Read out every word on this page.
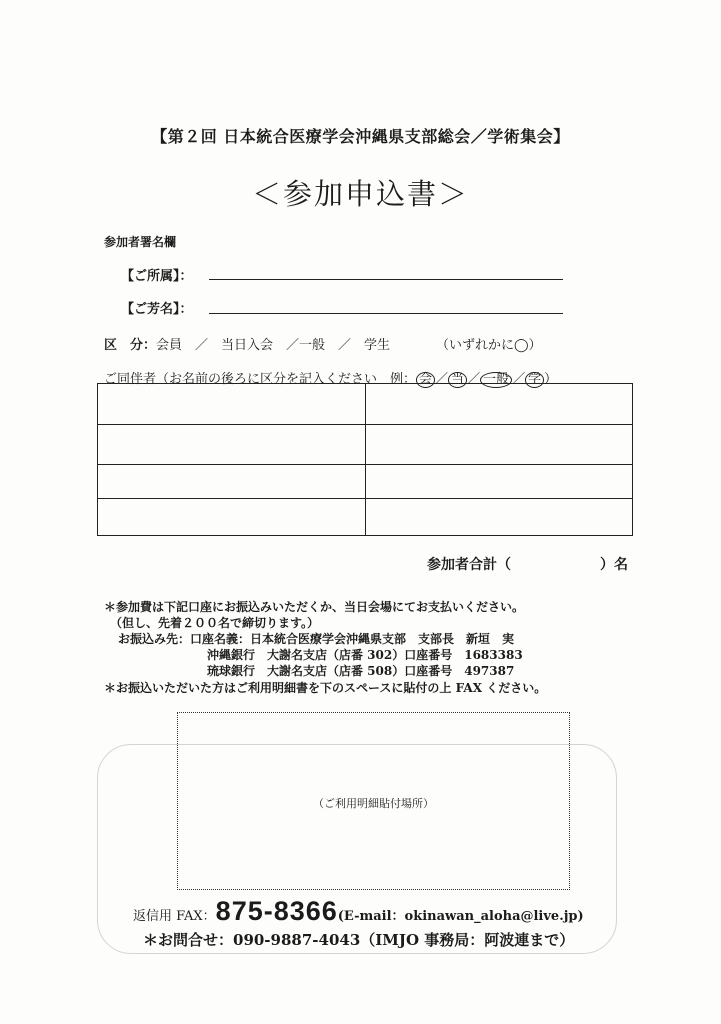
【第２回 日本統合医療学会沖縄県支部総会／学術集会】
＜参加申込書＞
参加者署名欄
【ご所属】：
【ご芳名】：
区　分：会員　／　当日入会　／一般　／　学生	（いずれかに◯）
ご同伴者（お名前の後ろに区分を記入ください　例： 会 ／ 当 ／ 一般 ／ 学 ）
参加者合計（	）名
＊参加費は下記口座にお振込みいただくか、当日会場にてお支払いください。
（但し、先着２００名で締切ります。）
お振込み先：口座名義：日本統合医療学会沖縄県支部　支部長　新垣　実
沖縄銀行　大謝名支店（店番 302）口座番号　1683383
琉球銀行　大謝名支店（店番 508）口座番号　497387
＊お振込いただいた方はご利用明細書を下のスペースに貼付の上 FAX ください。
（ご利用明細貼付場所）
返信用 FAX：875-8366(E-mail：okinawan_aloha@live.jp)
＊お問合せ：090-9887-4043（IMJO 事務局：阿波連まで）
